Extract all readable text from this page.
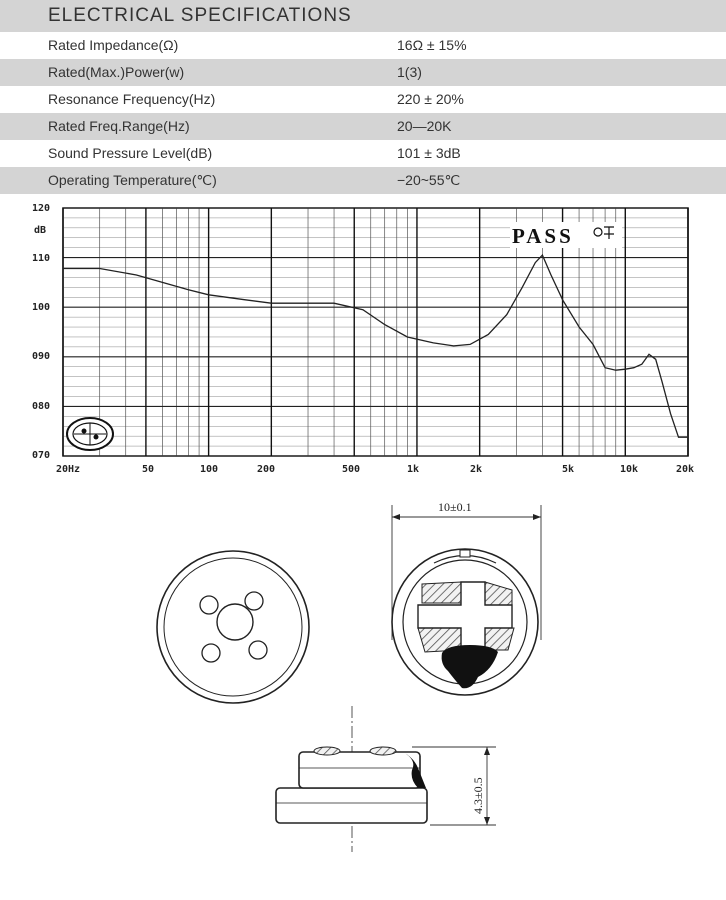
ELECTRICAL SPECIFICATIONS
Rated Impedance(Ω)	16Ω ± 15%
Rated(Max.)Power(w)	1(3)
Resonance Frequency(Hz)	220 ± 20%
Rated Freq.Range(Hz)	20—20K
Sound Pressure Level(dB)	101 ± 3dB
Operating Temperature(℃)	−20~55℃
120
dB
110
100
090
080
070
20Hz	50	100	200	500	1k	2k	5k	10k	20k
PASS
10±0.1
4.3±0.5
